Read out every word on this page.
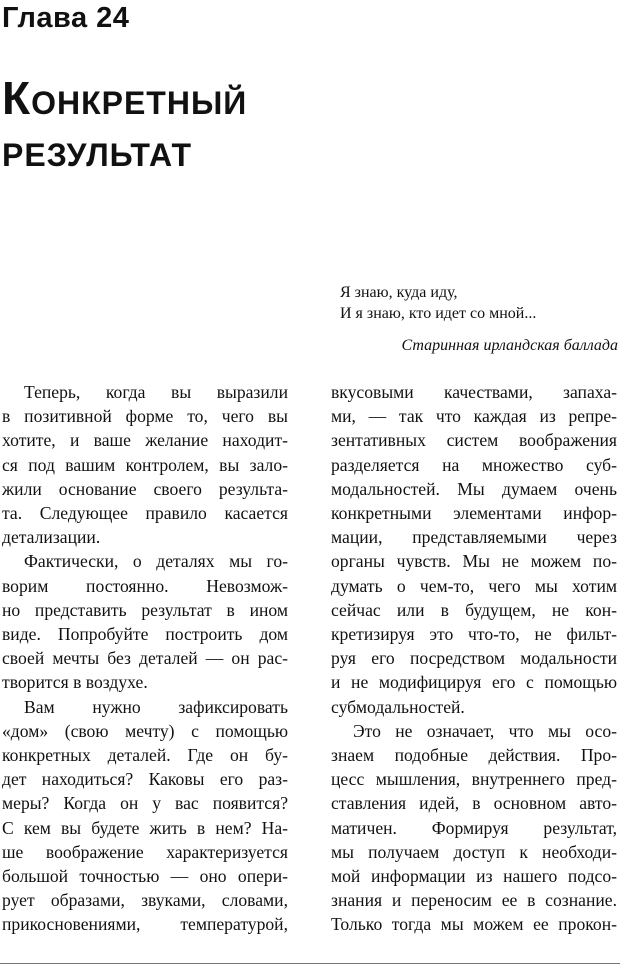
Глава 24
Конкретный
результат
Я знаю, куда иду,
И я знаю, кто идет со мной...
Старинная ирландская баллада
Теперь, когда вы выразили
в позитивной форме то, чего вы
хотите, и ваше желание находит-
ся под вашим контролем, вы зало-
жили основание своего результа-
та. Следующее правило касается
детализации.
Фактически, о деталях мы го-
ворим постоянно. Невозмож-
но представить результат в ином
виде. Попробуйте построить дом
своей мечты без деталей — он рас-
творится в воздухе.
Вам нужно зафиксировать
«дом» (свою мечту) с помощью
конкретных деталей. Где он бу-
дет находиться? Каковы его раз-
меры? Когда он у вас появится?
С кем вы будете жить в нем? На-
ше воображение характеризуется
большой точностью — оно опери-
рует образами, звуками, словами,
прикосновениями, температурой,
вкусовыми качествами, запаха-
ми, — так что каждая из репре-
зентативных систем воображения
разделяется на множество суб-
модальностей. Мы думаем очень
конкретными элементами инфор-
мации, представляемыми через
органы чувств. Мы не можем по-
думать о чем-то, чего мы хотим
сейчас или в будущем, не кон-
кретизируя это что-то, не фильт-
руя его посредством модальности
и не модифицируя его с помощью
субмодальностей.
Это не означает, что мы осо-
знаем подобные действия. Про-
цесс мышления, внутреннего пред-
ставления идей, в основном авто-
матичен. Формируя результат,
мы получаем доступ к необходи-
мой информации из нашего подсо-
знания и переносим ее в сознание.
Только тогда мы можем ее прокон-
